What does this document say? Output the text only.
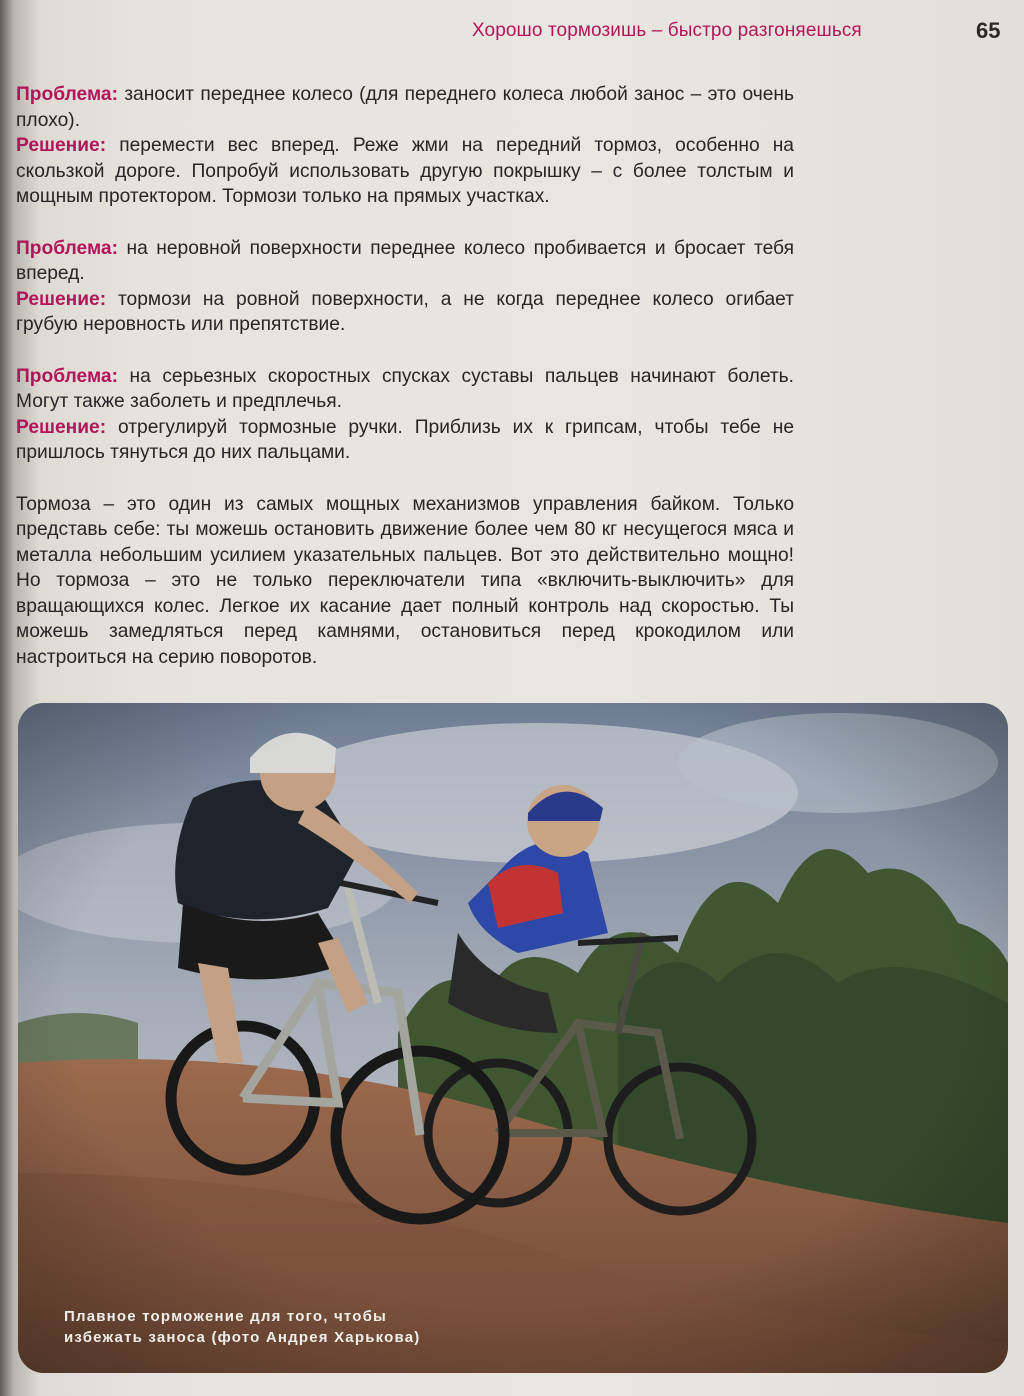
Хорошо тормозишь – быстро разгоняешься	65

Проблема: заносит переднее колесо (для переднего колеса любой занос – это очень плохо).

Решение: перемести вес вперед. Реже жми на передний тормоз, особенно на скользкой дороге. Попробуй использовать другую покрышку – с более толстым и мощным протектором. Тормози только на прямых участках.

Проблема: на неровной поверхности переднее колесо пробивается и бросает тебя вперед.

Решение: тормози на ровной поверхности, а не когда переднее колесо огибает грубую неровность или препятствие.

Проблема: на серьезных скоростных спусках суставы пальцев начинают болеть. Могут также заболеть и предплечья.

Решение: отрегулируй тормозные ручки. Приблизь их к грипсам, чтобы тебе не пришлось тянуться до них пальцами.

Тормоза – это один из самых мощных механизмов управления байком. Только представь себе: ты можешь остановить движение более чем 80 кг несущегося мяса и металла небольшим усилием указательных пальцев. Вот это действительно мощно! Но тормоза – это не только переключатели типа «включить-выключить» для вращающихся колес. Легкое их касание дает полный контроль над скоростью. Ты можешь замедляться перед камнями, остановиться перед крокодилом или настроиться на серию поворотов.

Плавное торможение для того, чтобы
избежать заноса (фото Андрея Харькова)
